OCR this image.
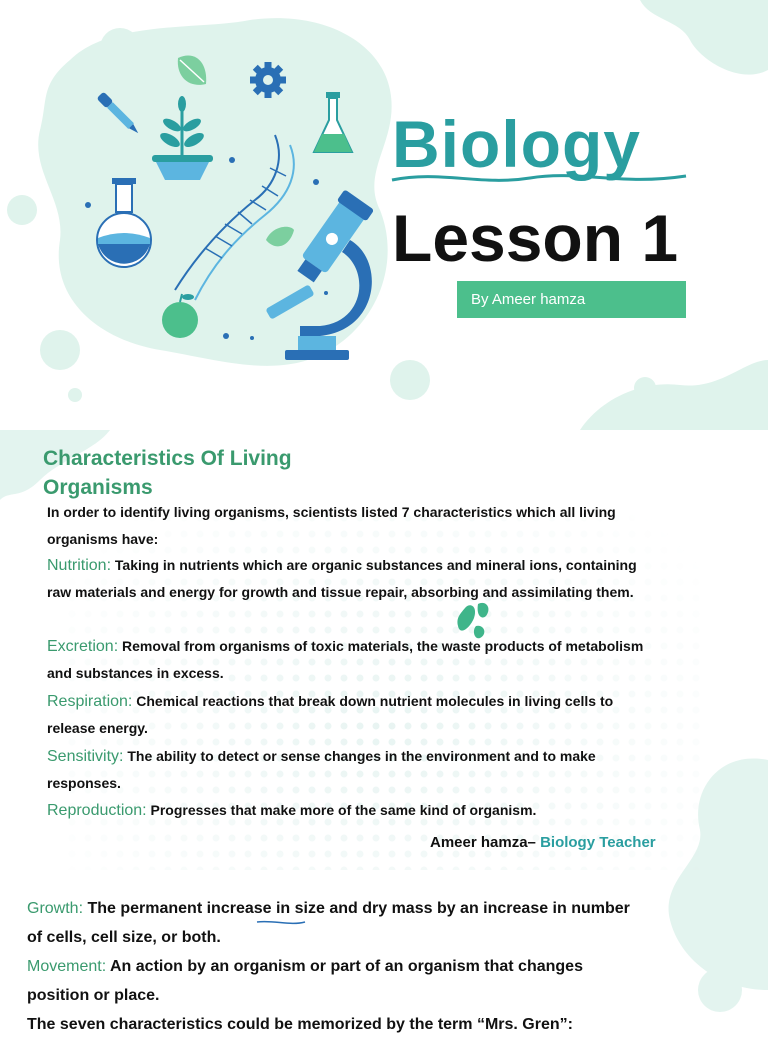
Biology
Lesson 1
By Ameer hamza
Characteristics Of Living Organisms
In order to identify living organisms, scientists listed 7 characteristics which all living organisms have:
Nutrition: Taking in nutrients which are organic substances and mineral ions, containing raw materials and energy for growth and tissue repair, absorbing and assimilating them.
Excretion: Removal from organisms of toxic materials, the waste products of metabolism and substances in excess.
Respiration: Chemical reactions that break down nutrient molecules in living cells to release energy.
Sensitivity: The ability to detect or sense changes in the environment and to make responses.
Reproduction: Progresses that make more of the same kind of organism.
Ameer hamza– Biology Teacher
Growth: The permanent increase in size and dry mass by an increase in number of cells, cell size, or both.
Movement: An action by an organism or part of an organism that changes position or place.
The seven characteristics could be memorized by the term “Mrs. Gren”:
